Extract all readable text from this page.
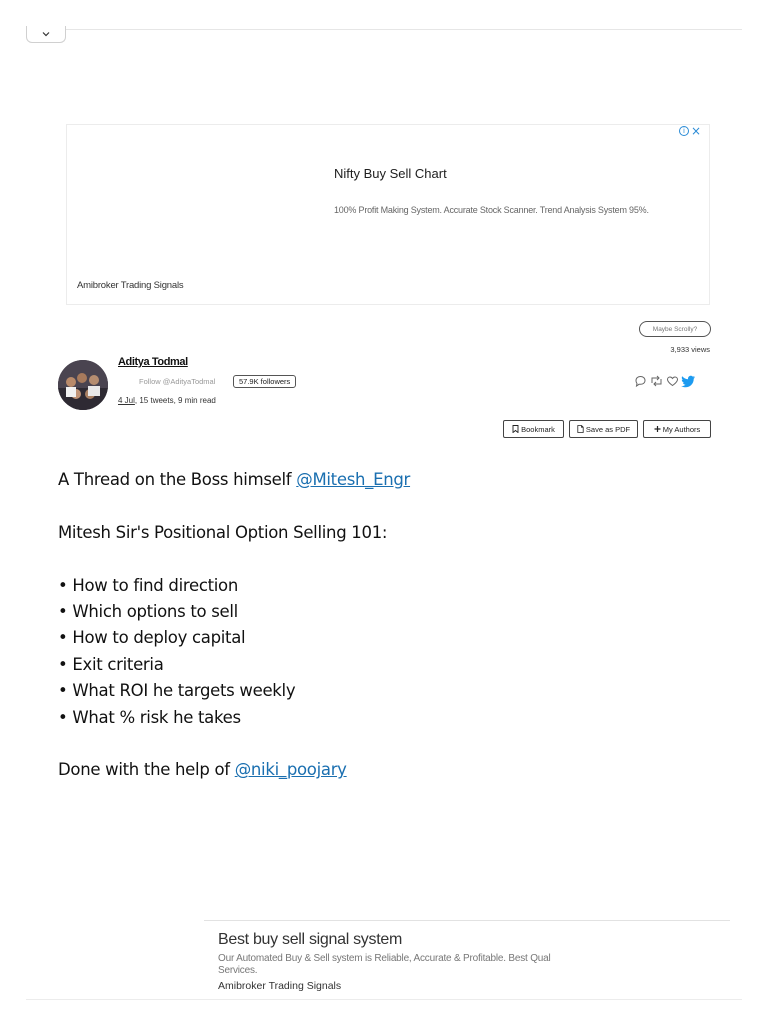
i ×
Nifty Buy Sell Chart
100% Profit Making System. Accurate Stock Scanner. Trend Analysis System 95%.
Amibroker Trading Signals
Maybe Scrolly?
3,933 views
Aditya Todmal
Follow @AdityaTodmal	57.9K followers
4 Jul, 15 tweets, 9 min read
Bookmark	Save as PDF	My Authors

A Thread on the Boss himself @Mitesh_Engr

Mitesh Sir's Positional Option Selling 101:

• How to find direction

• Which options to sell

• How to deploy capital

• Exit criteria

• What ROI he targets weekly

• What % risk he takes

Done with the help of @niki_poojary

Best buy sell signal system
Our Automated Buy & Sell system is Reliable, Accurate & Profitable. Best Qual Services.
Amibroker Trading Signals
